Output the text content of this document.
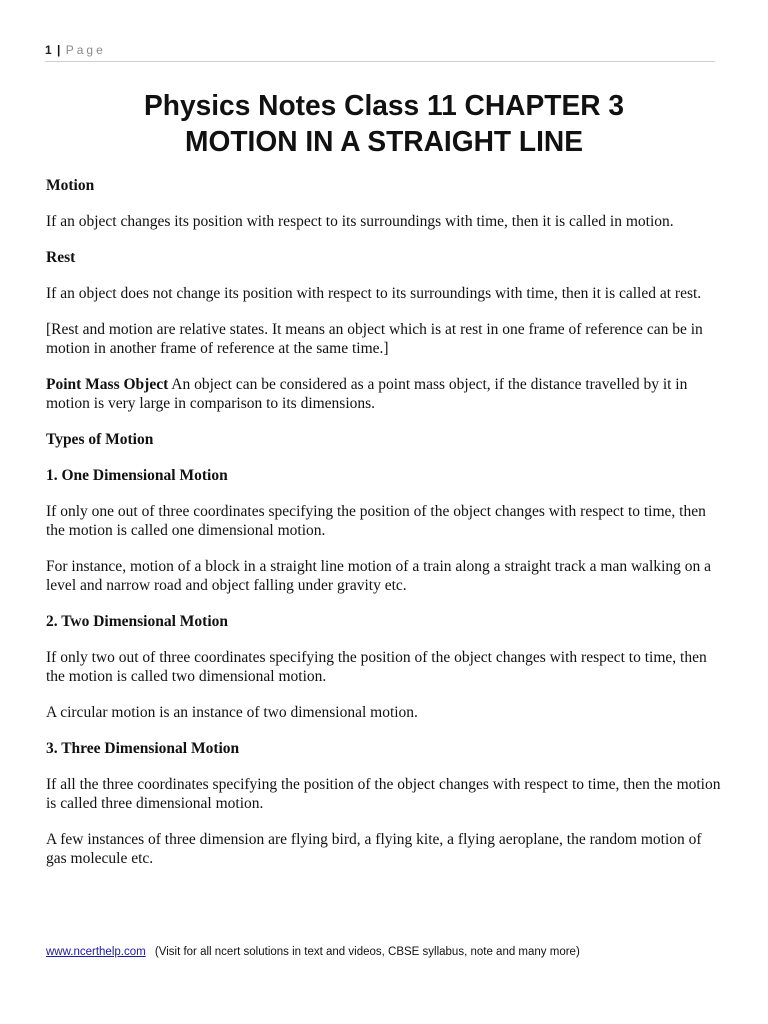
1 | Page
Physics Notes Class 11 CHAPTER 3
MOTION IN A STRAIGHT LINE

Motion

If an object changes its position with respect to its surroundings with time, then it is called in motion.

Rest

If an object does not change its position with respect to its surroundings with time, then it is called at rest.

[Rest and motion are relative states. It means an object which is at rest in one frame of reference can be in motion in another frame of reference at the same time.]

Point Mass Object An object can be considered as a point mass object, if the distance travelled by it in motion is very large in comparison to its dimensions.

Types of Motion

1. One Dimensional Motion

If only one out of three coordinates specifying the position of the object changes with respect to time, then the motion is called one dimensional motion.

For instance, motion of a block in a straight line motion of a train along a straight track a man walking on a level and narrow road and object falling under gravity etc.

2. Two Dimensional Motion

If only two out of three coordinates specifying the position of the object changes with respect to time, then the motion is called two dimensional motion.

A circular motion is an instance of two dimensional motion.

3. Three Dimensional Motion

If all the three coordinates specifying the position of the object changes with respect to time, then the motion is called three dimensional motion.

A few instances of three dimension are flying bird, a flying kite, a flying aeroplane, the random motion of gas molecule etc.

www.ncerthelp.com (Visit for all ncert solutions in text and videos, CBSE syllabus, note and many more)
